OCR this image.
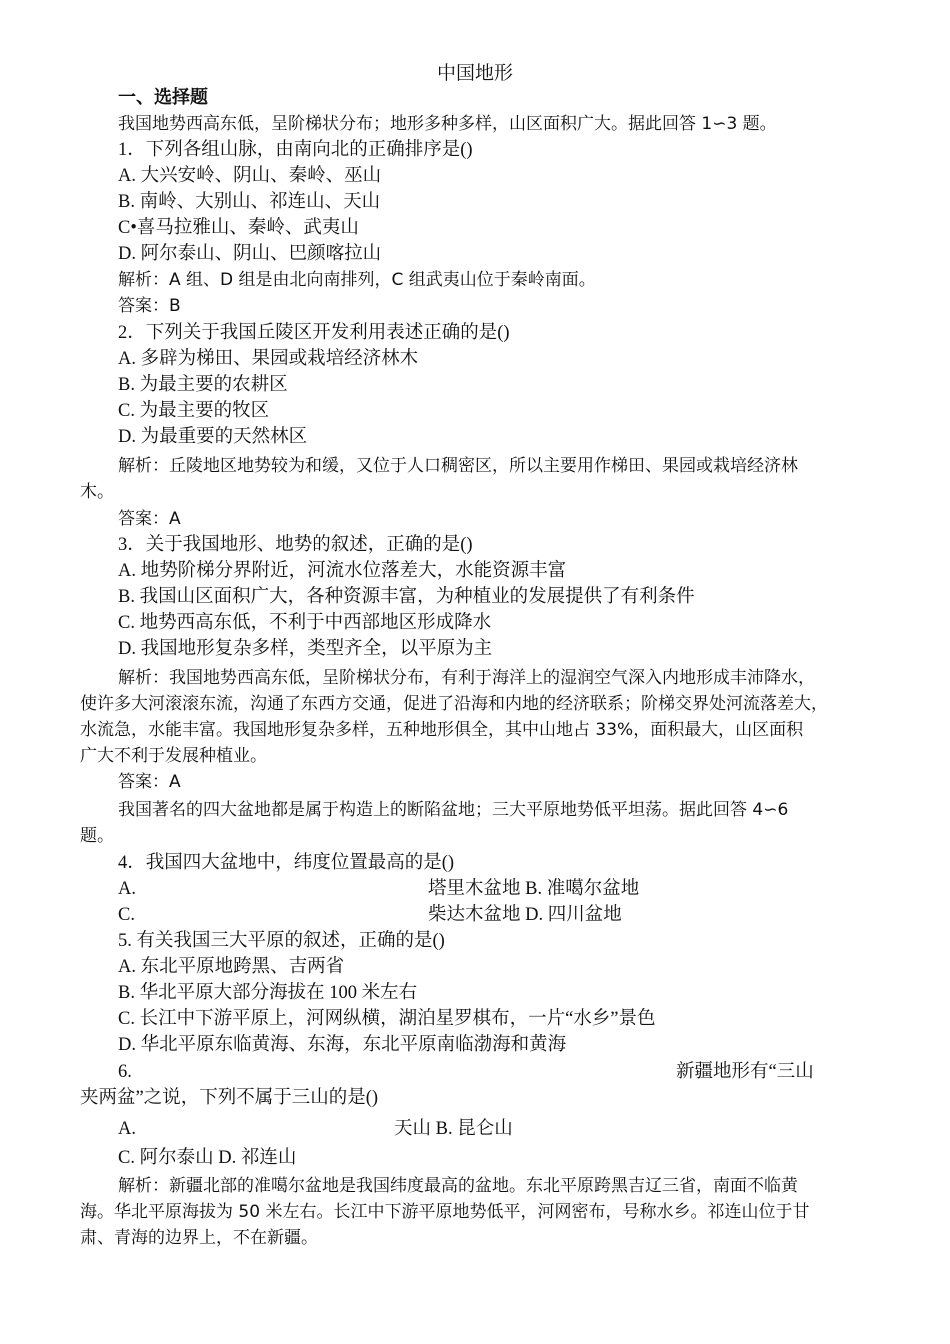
中国地形
一、选择题
我国地势西高东低，呈阶梯状分布；地形多种多样，山区面积广大。据此回答 1∽3 题。
1．下列各组山脉，由南向北的正确排序是()
A. 大兴安岭、阴山、秦岭、巫山
B. 南岭、大别山、祁连山、天山
C•喜马拉雅山、秦岭、武夷山
D. 阿尔泰山、阴山、巴颜喀拉山
解析：A 组、D 组是由北向南排列，C 组武夷山位于秦岭南面。
答案：B
2．下列关于我国丘陵区开发利用表述正确的是()
A. 多辟为梯田、果园或栽培经济林木
B. 为最主要的农耕区
C. 为最主要的牧区
D. 为最重要的天然林区
解析：丘陵地区地势较为和缓，又位于人口稠密区，所以主要用作梯田、果园或栽培经济林
木。
答案：A
3．关于我国地形、地势的叙述，正确的是()
A. 地势阶梯分界附近，河流水位落差大，水能资源丰富
B. 我国山区面积广大，各种资源丰富，为种植业的发展提供了有利条件
C. 地势西高东低，不利于中西部地区形成降水
D. 我国地形复杂多样，类型齐全，以平原为主
解析：我国地势西高东低，呈阶梯状分布，有利于海洋上的湿润空气深入内地形成丰沛降水，
使许多大河滚滚东流，沟通了东西方交通，促进了沿海和内地的经济联系；阶梯交界处河流落差大，
水流急，水能丰富。我国地形复杂多样，五种地形俱全，其中山地占 33%，面积最大，山区面积
广大不利于发展种植业。
答案：A
我国著名的四大盆地都是属于构造上的断陷盆地；三大平原地势低平坦荡。据此回答 4∽6
题。
4．我国四大盆地中，纬度位置最高的是()
A.	塔里木盆地 B. 准噶尔盆地
C.	柴达木盆地 D. 四川盆地
5. 有关我国三大平原的叙述，正确的是()
A. 东北平原地跨黑、吉两省
B. 华北平原大部分海拔在 100 米左右
C. 长江中下游平原上，河网纵横，湖泊星罗棋布，一片“水乡”景色
D. 华北平原东临黄海、东海，东北平原南临渤海和黄海
6.	新疆地形有“三山
夹两盆”之说，下列不属于三山的是()
A.	天山 B. 昆仑山
C. 阿尔泰山 D. 祁连山
解析：新疆北部的准噶尔盆地是我国纬度最高的盆地。东北平原跨黑吉辽三省，南面不临黄
海。华北平原海拔为 50 米左右。长江中下游平原地势低平，河网密布，号称水乡。祁连山位于甘
肃、青海的边界上，不在新疆。
